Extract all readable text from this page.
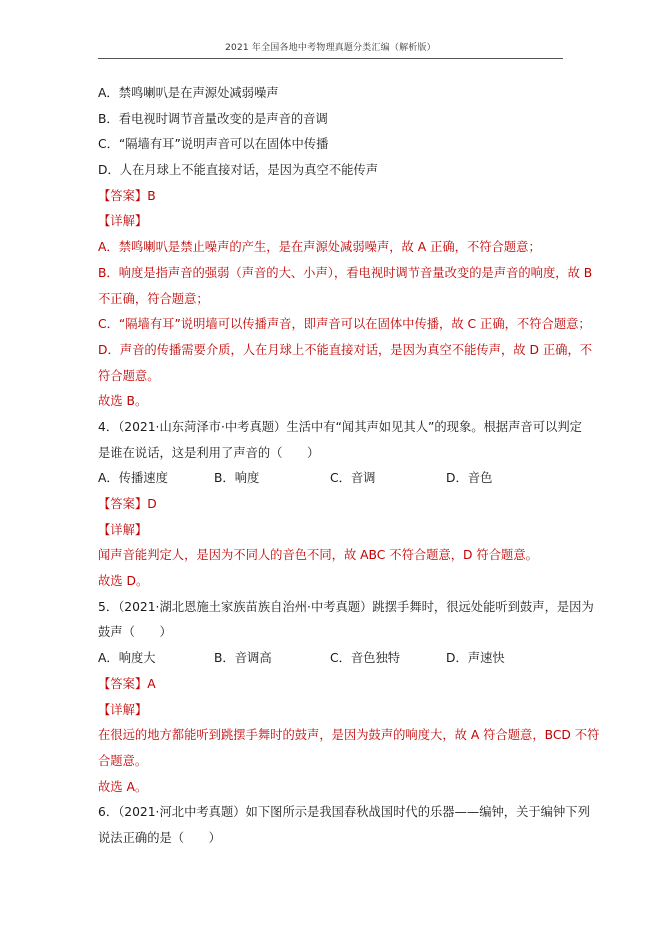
2021 年全国各地中考物理真题分类汇编（解析版）
A．禁鸣喇叭是在声源处减弱噪声
B．看电视时调节音量改变的是声音的音调
C．“隔墙有耳”说明声音可以在固体中传播
D．人在月球上不能直接对话，是因为真空不能传声
【答案】B
【详解】
A．禁鸣喇叭是禁止噪声的产生，是在声源处减弱噪声，故 A 正确，不符合题意；
B．响度是指声音的强弱（声音的大、小声），看电视时调节音量改变的是声音的响度，故 B
不正确，符合题意；
C．“隔墙有耳”说明墙可以传播声音，即声音可以在固体中传播，故 C 正确，不符合题意；
D．声音的传播需要介质，人在月球上不能直接对话，是因为真空不能传声，故 D 正确，不
符合题意。
故选 B。
4．（2021·山东菏泽市·中考真题）生活中有“闻其声如见其人”的现象。根据声音可以判定
是谁在说话，这是利用了声音的（　　）
A．传播速度	B．响度	C．音调	D．音色
【答案】D
【详解】
闻声音能判定人，是因为不同人的音色不同，故 ABC 不符合题意，D 符合题意。
故选 D。
5．（2021·湖北恩施土家族苗族自治州·中考真题）跳摆手舞时，很远处能听到鼓声，是因为
鼓声（　　）
A．响度大	B．音调高	C．音色独特	D．声速快
【答案】A
【详解】
在很远的地方都能听到跳摆手舞时的鼓声，是因为鼓声的响度大，故 A 符合题意，BCD 不符
合题意。
故选 A。
6．（2021·河北中考真题）如下图所示是我国春秋战国时代的乐器——编钟，关于编钟下列
说法正确的是（　　）
